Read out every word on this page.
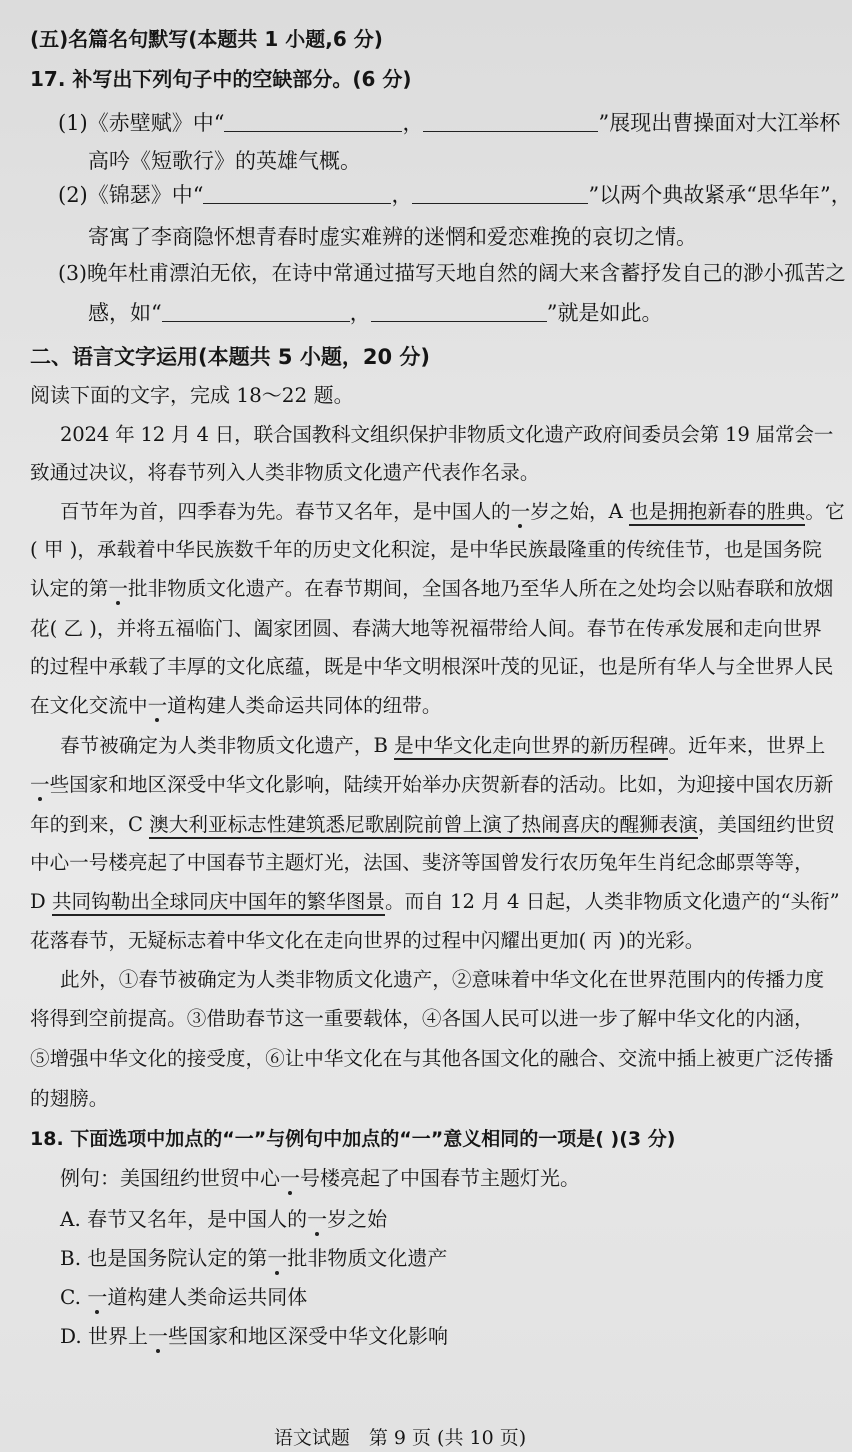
(五)名篇名句默写(本题共 1 小题,6 分)
17. 补写出下列句子中的空缺部分。(6 分)
(1)《赤壁赋》中“	，	”展现出曹操面对大江举杯
高吟《短歌行》的英雄气概。
(2)《锦瑟》中“	，	”以两个典故紧承“思华年”，
寄寓了李商隐怀想青春时虚实难辨的迷惘和爱恋难挽的哀切之情。
(3)晚年杜甫漂泊无依，在诗中常通过描写天地自然的阔大来含蓄抒发自己的渺小孤苦之
感，如“	，	”就是如此。
二、语言文字运用(本题共 5 小题，20 分)
阅读下面的文字，完成 18～22 题。
2024 年 12 月 4 日，联合国教科文组织保护非物质文化遗产政府间委员会第 19 届常会一
致通过决议，将春节列入人类非物质文化遗产代表作名录。
百节年为首，四季春为先。春节又名年，是中国人的一岁之始，A 也是拥抱新春的胜典。它
( 甲 )，承载着中华民族数千年的历史文化积淀，是中华民族最隆重的传统佳节，也是国务院
认定的第一批非物质文化遗产。在春节期间，全国各地乃至华人所在之处均会以贴春联和放烟
花( 乙 )，并将五福临门、阖家团圆、春满大地等祝福带给人间。春节在传承发展和走向世界
的过程中承载了丰厚的文化底蕴，既是中华文明根深叶茂的见证，也是所有华人与全世界人民
在文化交流中一道构建人类命运共同体的纽带。
春节被确定为人类非物质文化遗产，B 是中华文化走向世界的新历程碑。近年来，世界上
一些国家和地区深受中华文化影响，陆续开始举办庆贺新春的活动。比如，为迎接中国农历新
年的到来，C 澳大利亚标志性建筑悉尼歌剧院前曾上演了热闹喜庆的醒狮表演，美国纽约世贸
中心一号楼亮起了中国春节主题灯光，法国、斐济等国曾发行农历兔年生肖纪念邮票等等，
D 共同钩勒出全球同庆中国年的繁华图景。而自 12 月 4 日起，人类非物质文化遗产的“头衔”
花落春节，无疑标志着中华文化在走向世界的过程中闪耀出更加( 丙 )的光彩。
此外，①春节被确定为人类非物质文化遗产，②意味着中华文化在世界范围内的传播力度
将得到空前提高。③借助春节这一重要载体，④各国人民可以进一步了解中华文化的内涵，
⑤增强中华文化的接受度，⑥让中华文化在与其他各国文化的融合、交流中插上被更广泛传播
的翅膀。
18. 下面选项中加点的“一”与例句中加点的“一”意义相同的一项是( )(3 分)
例句：美国纽约世贸中心一号楼亮起了中国春节主题灯光。
A. 春节又名年，是中国人的一岁之始
B. 也是国务院认定的第一批非物质文化遗产
C. 一道构建人类命运共同体
D. 世界上一些国家和地区深受中华文化影响
语文试题　第 9 页 (共 10 页)
